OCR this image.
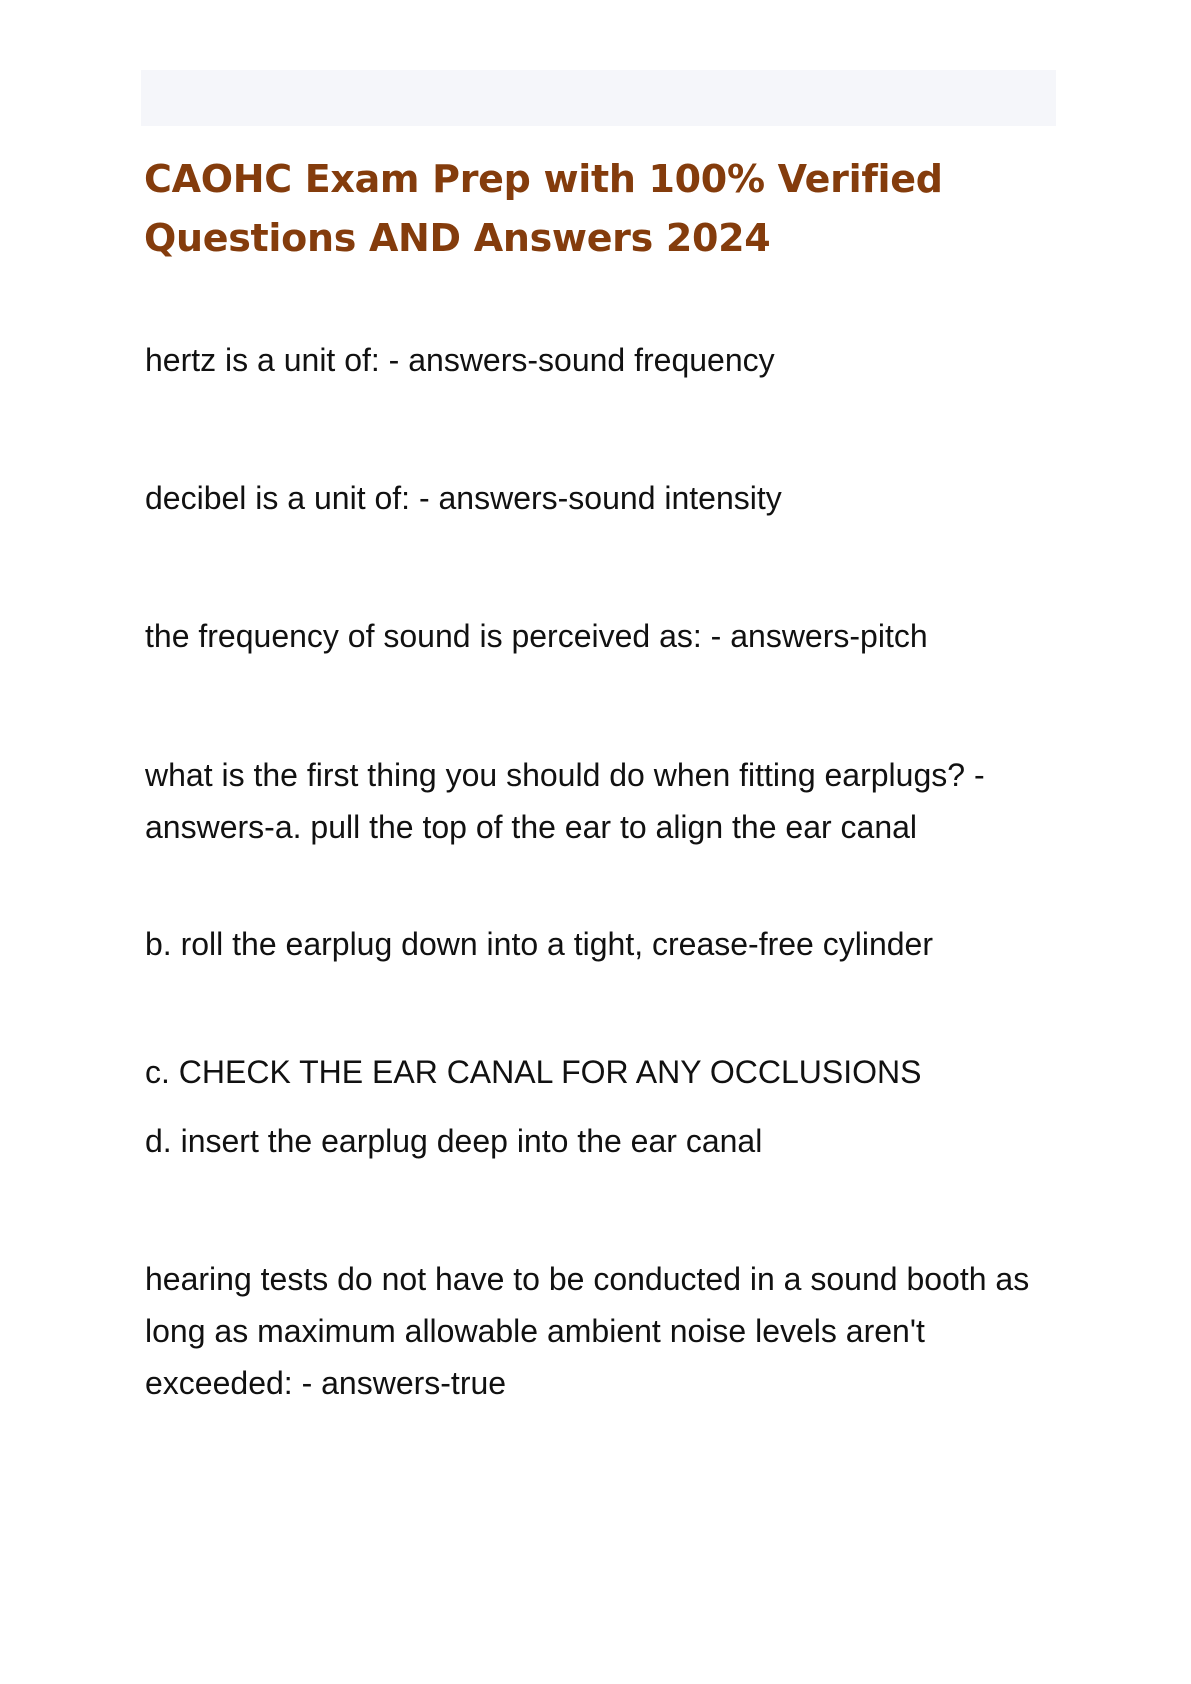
CAOHC Exam Prep with 100% Verified Questions AND Answers 2024

hertz is a unit of: - answers-sound frequency

decibel is a unit of: - answers-sound intensity

the frequency of sound is perceived as: - answers-pitch

what is the first thing you should do when fitting earplugs? - answers-a. pull the top of the ear to align the ear canal

b. roll the earplug down into a tight, crease-free cylinder

c. CHECK THE EAR CANAL FOR ANY OCCLUSIONS

d. insert the earplug deep into the ear canal

hearing tests do not have to be conducted in a sound booth as long as maximum allowable ambient noise levels aren't exceeded: - answers-true
